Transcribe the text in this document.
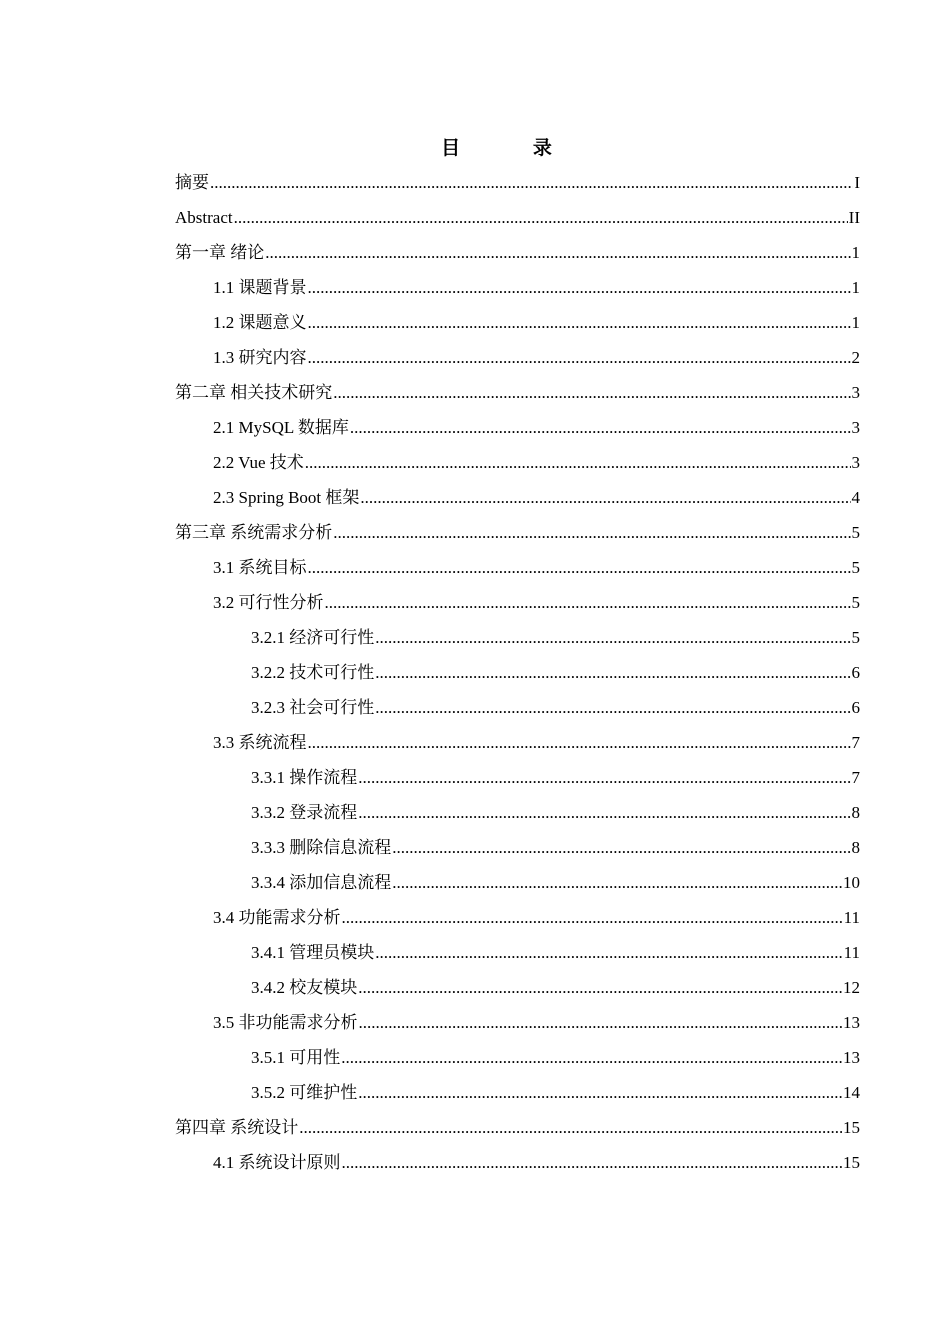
目 录
摘要 .....	I
Abstract .....	II
第一章 绪论 .....	1
1.1 课题背景 .....	1
1.2 课题意义 .....	1
1.3 研究内容 .....	2
第二章 相关技术研究 .....	3
2.1 MySQL 数据库 .....	3
2.2 Vue 技术 .....	3
2.3 Spring Boot 框架 .....	4
第三章 系统需求分析 .....	5
3.1 系统目标 .....	5
3.2 可行性分析 .....	5
3.2.1 经济可行性 .....	5
3.2.2 技术可行性 .....	6
3.2.3 社会可行性 .....	6
3.3 系统流程 .....	7
3.3.1 操作流程 .....	7
3.3.2 登录流程 .....	8
3.3.3 删除信息流程 .....	8
3.3.4 添加信息流程 .....	10
3.4 功能需求分析 .....	11
3.4.1 管理员模块 .....	11
3.4.2 校友模块 .....	12
3.5 非功能需求分析 .....	13
3.5.1 可用性 .....	13
3.5.2 可维护性 .....	14
第四章 系统设计 .....	15
4.1 系统设计原则 .....	15
